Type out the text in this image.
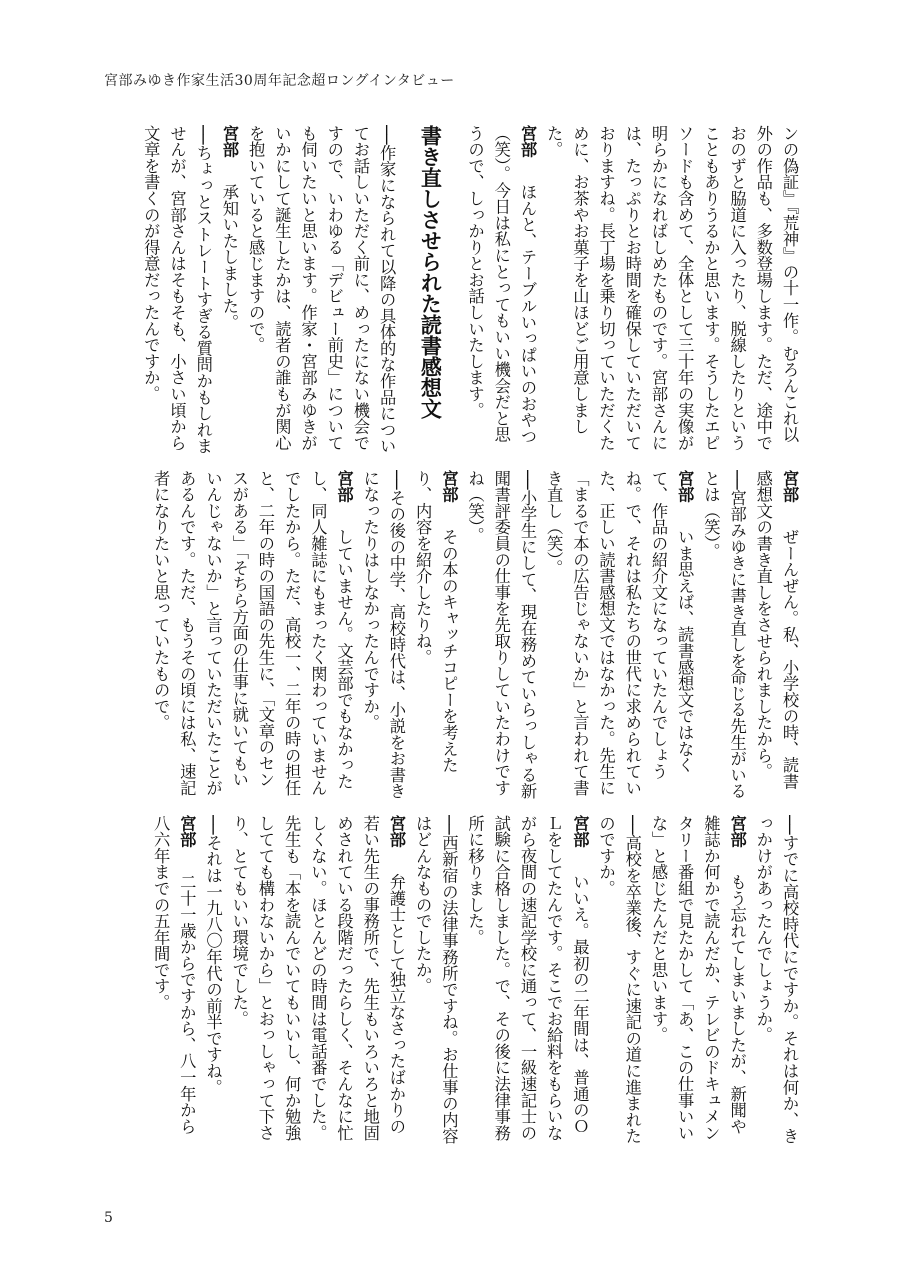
宮部みゆき作家生活30周年記念超ロングインタビュー

ンの偽証』『荒神』の十一作。むろんこれ以外の作品も、多数登場します。ただ、途中でおのずと脇道に入ったり、脱線したりということもありうるかと思います。そうしたエピソードも含めて、全体として三十年の実像が明らかになればしめたものです。宮部さんには、たっぷりとお時間を確保していただいておりますね。長丁場を乗り切っていただくために、お茶やお菓子を山ほどご用意しました。

宮部　ほんと、テーブルいっぱいのおやつ（笑）。今日は私にとってもいい機会だと思うので、しっかりとお話しいたします。

書き直しさせられた読書感想文

──作家になられて以降の具体的な作品についてお話しいただく前に、めったにない機会ですので、いわゆる「デビュー前史」についても伺いたいと思います。作家・宮部みゆきがいかにして誕生したかは、読者の誰もが関心を抱いていると感じますので。

宮部　承知いたしました。

──ちょっとストレートすぎる質問かもしれませんが、宮部さんはそもそも、小さい頃から文章を書くのが得意だったんですか。

宮部　ぜーんぜん。私、小学校の時、読書感想文の書き直しをさせられましたから。

──宮部みゆきに書き直しを命じる先生がいるとは（笑）。

宮部　いま思えば、読書感想文ではなくて、作品の紹介文になっていたんでしょうね。で、それは私たちの世代に求められていた、正しい読書感想文ではなかった。先生に「まるで本の広告じゃないか」と言われて書き直し（笑）。

──小学生にして、現在務めていらっしゃる新聞書評委員の仕事を先取りしていたわけですね（笑）。

宮部　その本のキャッチコピーを考えたり、内容を紹介したりね。

──その後の中学、高校時代は、小説をお書きになったりはしなかったんですか。

宮部　していません。文芸部でもなかったし、同人雑誌にもまったく関わっていませんでしたから。ただ、高校一、二年の時の担任と、二年の時の国語の先生に、「文章のセンスがある」「そちら方面の仕事に就いてもいいんじゃないか」と言っていただいたことがあるんです。ただ、もうその頃には私、速記者になりたいと思っていたもので。

──すでに高校時代にですか。それは何か、きっかけがあったんでしょうか。

宮部　もう忘れてしまいましたが、新聞や雑誌か何かで読んだか、テレビのドキュメンタリー番組で見たかして「あ、この仕事いいな」と感じたんだと思います。

──高校を卒業後、すぐに速記の道に進まれたのですか。

宮部　いいえ。最初の二年間は、普通のＯＬをしてたんです。そこでお給料をもらいながら夜間の速記学校に通って、一級速記士の試験に合格しました。で、その後に法律事務所に移りました。

──西新宿の法律事務所ですね。お仕事の内容はどんなものでしたか。

宮部　弁護士として独立なさったばかりの若い先生の事務所で、先生もいろいろと地固めされている段階だったらしく、そんなに忙しくない。ほとんどの時間は電話番でした。先生も「本を読んでいてもいいし、何か勉強してても構わないから」とおっしゃって下さり、とてもいい環境でした。

──それは一九八〇年代の前半ですね。

宮部　二十一歳からですから、八一年から八六年までの五年間です。

5
